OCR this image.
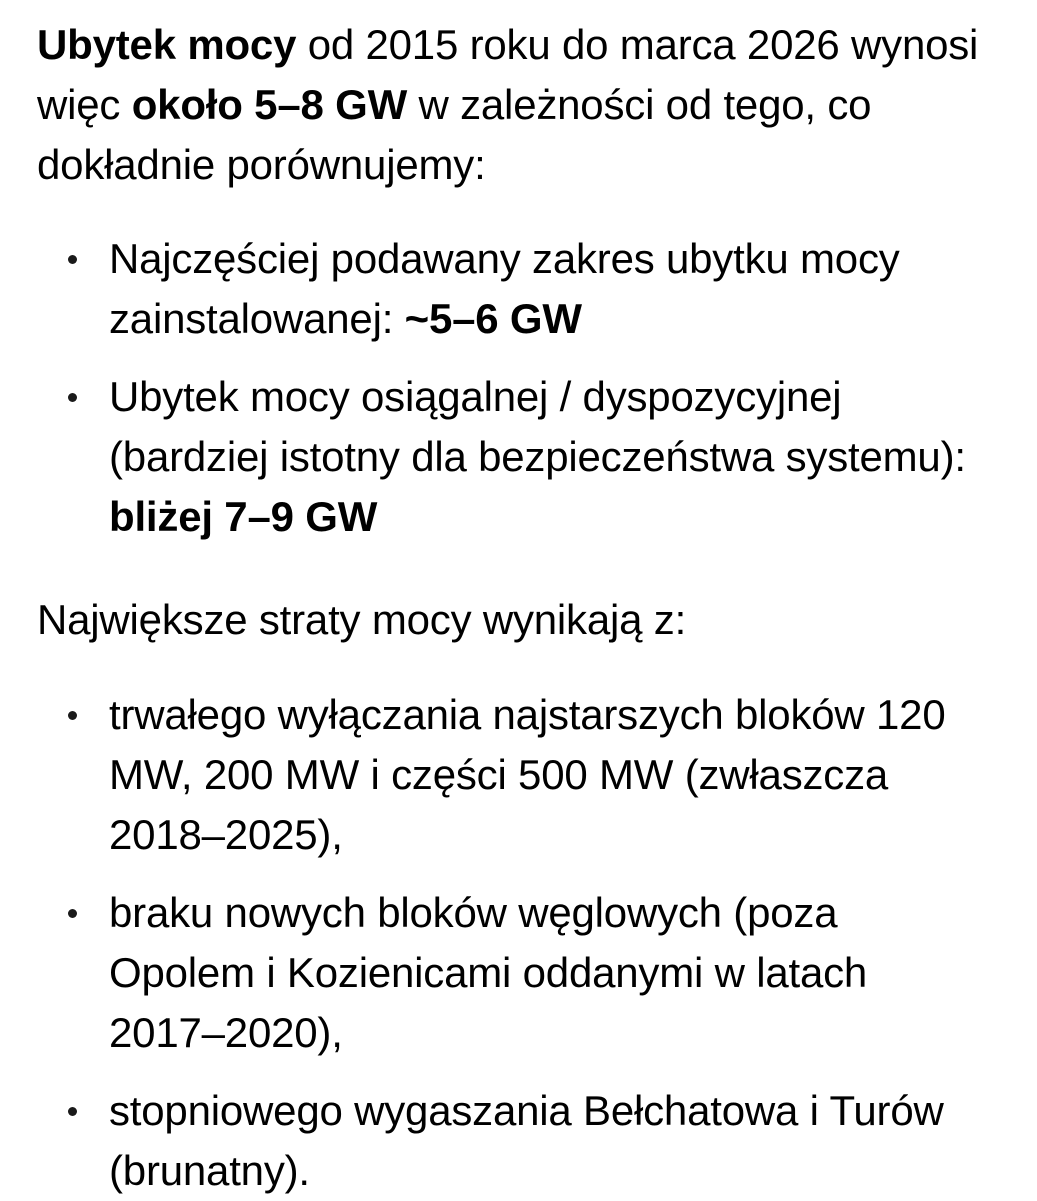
Ubytek mocy od 2015 roku do marca 2026 wynosi więc około 5–8 GW w zależności od tego, co dokładnie porównujemy:

Najczęściej podawany zakres ubytku mocy zainstalowanej: ~5–6 GW
Ubytek mocy osiągalnej / dyspozycyjnej (bardziej istotny dla bezpieczeństwa systemu): bliżej 7–9 GW

Największe straty mocy wynikają z:

trwałego wyłączania najstarszych bloków 120 MW, 200 MW i części 500 MW (zwłaszcza 2018–2025),
braku nowych bloków węglowych (poza Opolem i Kozienicami oddanymi w latach 2017–2020),
stopniowego wygaszania Bełchatowa i Turów (brunatny).
